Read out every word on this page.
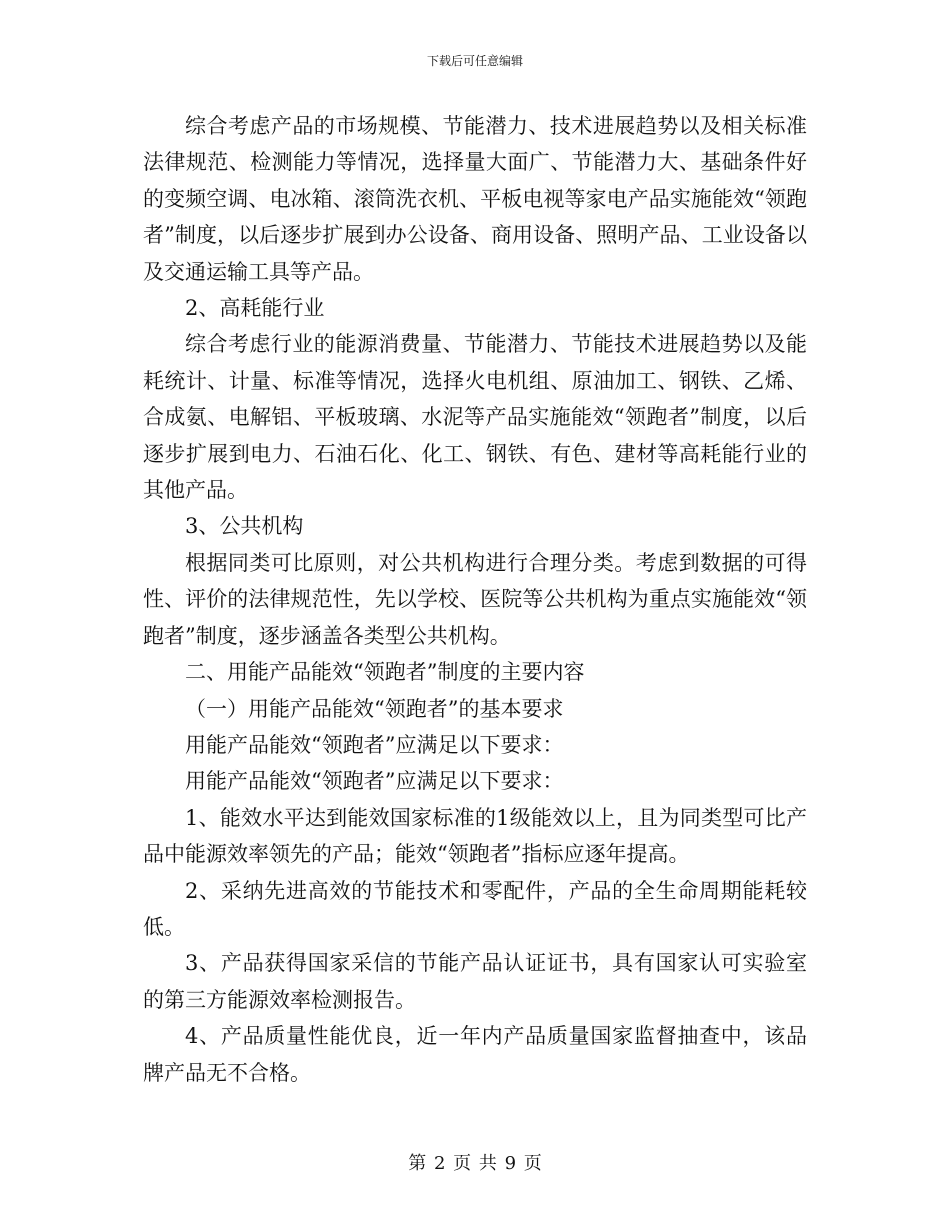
下载后可任意编辑

综合考虑产品的市场规模、节能潜力、技术进展趋势以及相关标准法律规范、检测能力等情况，选择量大面广、节能潜力大、基础条件好的变频空调、电冰箱、滚筒洗衣机、平板电视等家电产品实施能效“领跑者”制度，以后逐步扩展到办公设备、商用设备、照明产品、工业设备以及交通运输工具等产品。

2、高耗能行业

综合考虑行业的能源消费量、节能潜力、节能技术进展趋势以及能耗统计、计量、标准等情况，选择火电机组、原油加工、钢铁、乙烯、合成氨、电解铝、平板玻璃、水泥等产品实施能效“领跑者”制度，以后逐步扩展到电力、石油石化、化工、钢铁、有色、建材等高耗能行业的其他产品。

3、公共机构

根据同类可比原则，对公共机构进行合理分类。考虑到数据的可得性、评价的法律规范性，先以学校、医院等公共机构为重点实施能效“领跑者”制度，逐步涵盖各类型公共机构。

二、用能产品能效“领跑者”制度的主要内容

（一）用能产品能效“领跑者”的基本要求

用能产品能效“领跑者”应满足以下要求：

用能产品能效“领跑者”应满足以下要求：

1、能效水平达到能效国家标准的1级能效以上，且为同类型可比产品中能源效率领先的产品；能效“领跑者”指标应逐年提高。

2、采纳先进高效的节能技术和零配件，产品的全生命周期能耗较低。

3、产品获得国家采信的节能产品认证证书，具有国家认可实验室的第三方能源效率检测报告。

4、产品质量性能优良，近一年内产品质量国家监督抽查中，该品牌产品无不合格。

第 2 页 共 9 页
